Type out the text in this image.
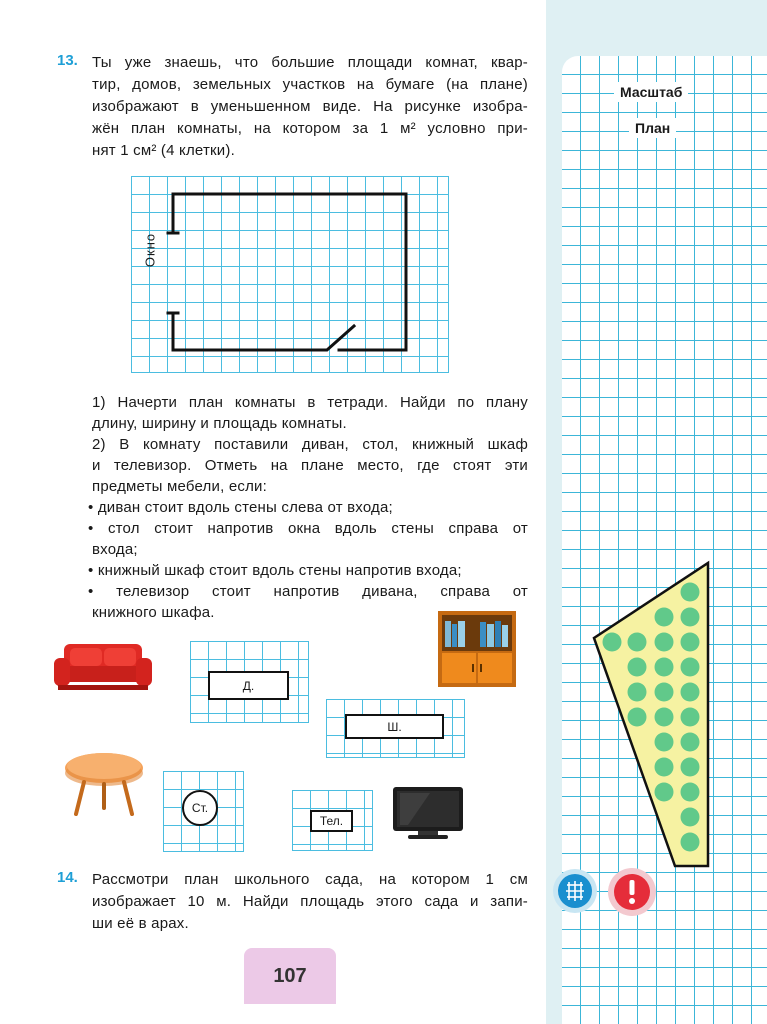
Масштаб
План
13. Ты уже знаешь, что большие площади комнат, квар-
тир, домов, земельных участков на бумаге (на плане)
изображают в уменьшенном виде. На рисунке изобра-
жён план комнаты, на котором за 1 м² условно при-
нят 1 см² (4 клетки).
Окно
1) Начерти план комнаты в тетради. Найди по плану
длину, ширину и площадь комнаты.
2) В комнату поставили диван, стол, книжный шкаф
и телевизор. Отметь на плане место, где стоят эти
предметы мебели, если:
• диван стоит вдоль стены слева от входа;
• стол стоит напротив окна вдоль стены справа от
входа;
• книжный шкаф стоит вдоль стены напротив входа;
• телевизор стоит напротив дивана, справа от
книжного шкафа.
Д.
Ш.
Ст.
Тел.
14. Рассмотри план школьного сада, на котором 1 см
изображает 10 м. Найди площадь этого сада и запи-
ши её в арах.
107
